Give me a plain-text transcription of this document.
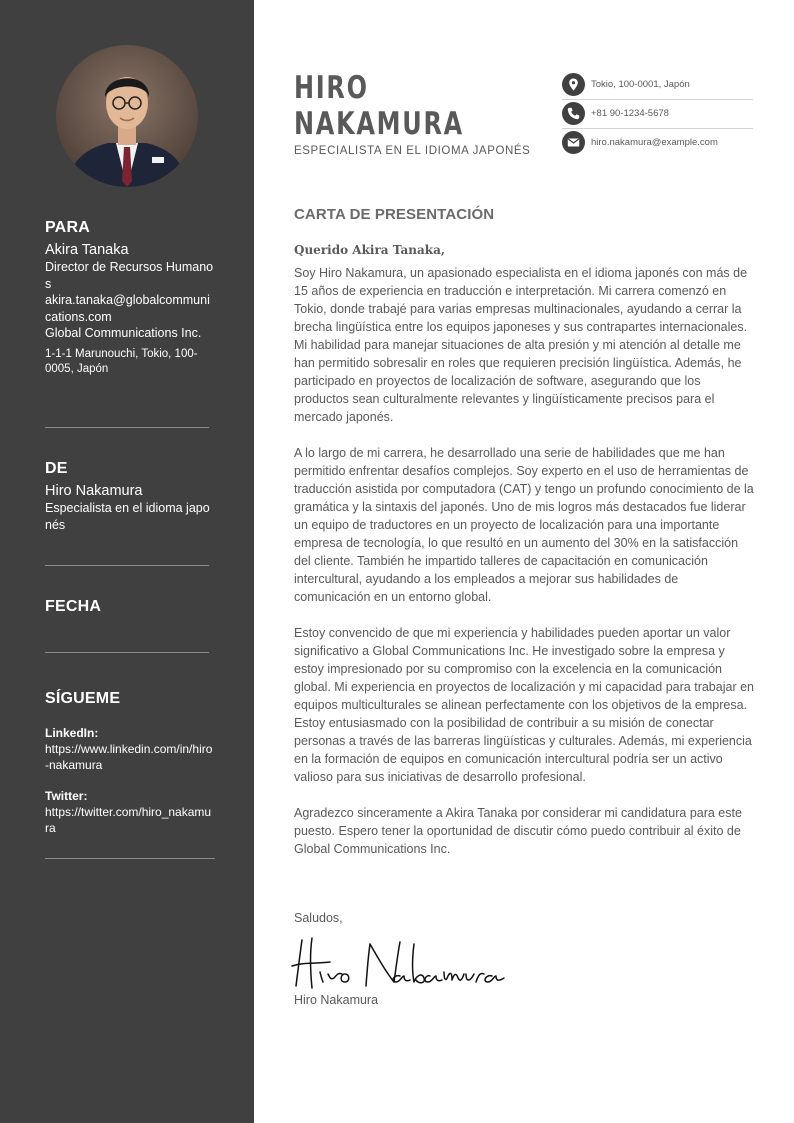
PARA
Akira Tanaka
Director de Recursos Humanos
akira.tanaka@globalcommunications.com
Global Communications Inc.
1-1-1 Marunouchi, Tokio, 100-0005, Japón
DE
Hiro Nakamura
Especialista en el idioma japonés
FECHA
SÍGUEME
LinkedIn:
https://www.linkedin.com/in/hiro-nakamura
Twitter:
https://twitter.com/hiro_nakamura
HIRO
NAKAMURA
ESPECIALISTA EN EL IDIOMA JAPONÉS
Tokio, 100-0001, Japón
+81 90-1234-5678
hiro.nakamura@example.com
CARTA DE PRESENTACIÓN
Querido Akira Tanaka,

Soy Hiro Nakamura, un apasionado especialista en el idioma japonés con más de 15 años de experiencia en traducción e interpretación. Mi carrera comenzó en Tokio, donde trabajé para varias empresas multinacionales, ayudando a cerrar la brecha lingüística entre los equipos japoneses y sus contrapartes internacionales. Mi habilidad para manejar situaciones de alta presión y mi atención al detalle me han permitido sobresalir en roles que requieren precisión lingüística. Además, he participado en proyectos de localización de software, asegurando que los productos sean culturalmente relevantes y lingüísticamente precisos para el mercado japonés.

A lo largo de mi carrera, he desarrollado una serie de habilidades que me han permitido enfrentar desafíos complejos. Soy experto en el uso de herramientas de traducción asistida por computadora (CAT) y tengo un profundo conocimiento de la gramática y la sintaxis del japonés. Uno de mis logros más destacados fue liderar un equipo de traductores en un proyecto de localización para una importante empresa de tecnología, lo que resultó en un aumento del 30% en la satisfacción del cliente. También he impartido talleres de capacitación en comunicación intercultural, ayudando a los empleados a mejorar sus habilidades de comunicación en un entorno global.

Estoy convencido de que mi experiencia y habilidades pueden aportar un valor significativo a Global Communications Inc. He investigado sobre la empresa y estoy impresionado por su compromiso con la excelencia en la comunicación global. Mi experiencia en proyectos de localización y mi capacidad para trabajar en equipos multiculturales se alinean perfectamente con los objetivos de la empresa. Estoy entusiasmado con la posibilidad de contribuir a su misión de conectar personas a través de las barreras lingüísticas y culturales. Además, mi experiencia en la formación de equipos en comunicación intercultural podría ser un activo valioso para sus iniciativas de desarrollo profesional.

Agradezco sinceramente a Akira Tanaka por considerar mi candidatura para este puesto. Espero tener la oportunidad de discutir cómo puedo contribuir al éxito de Global Communications Inc.

Saludos,
Hiro Nakamura
